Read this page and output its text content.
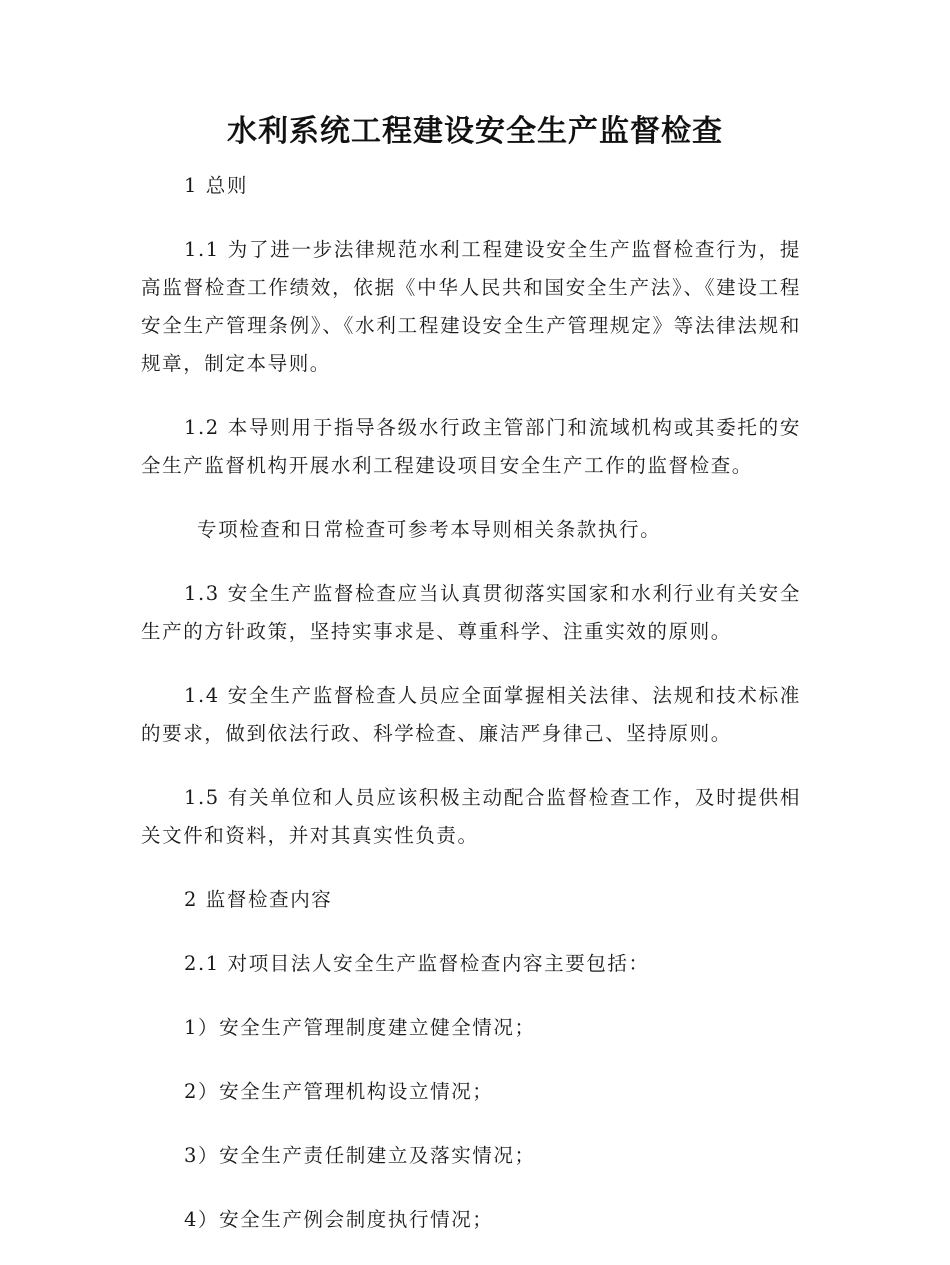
水利系统工程建设安全生产监督检查

1 总则

1.1 为了进一步法律规范水利工程建设安全生产监督检查行为，提高监督检查工作绩效，依据《中华人民共和国安全生产法》、《建设工程安全生产管理条例》、《水利工程建设安全生产管理规定》等法律法规和规章，制定本导则。

1.2 本导则用于指导各级水行政主管部门和流域机构或其委托的安全生产监督机构开展水利工程建设项目安全生产工作的监督检查。

专项检查和日常检查可参考本导则相关条款执行。

1.3 安全生产监督检查应当认真贯彻落实国家和水利行业有关安全生产的方针政策，坚持实事求是、尊重科学、注重实效的原则。

1.4 安全生产监督检查人员应全面掌握相关法律、法规和技术标准的要求，做到依法行政、科学检查、廉洁严身律己、坚持原则。

1.5 有关单位和人员应该积极主动配合监督检查工作，及时提供相关文件和资料，并对其真实性负责。

2 监督检查内容

2.1 对项目法人安全生产监督检查内容主要包括：

1）安全生产管理制度建立健全情况；

2）安全生产管理机构设立情况；

3）安全生产责任制建立及落实情况；

4）安全生产例会制度执行情况；
